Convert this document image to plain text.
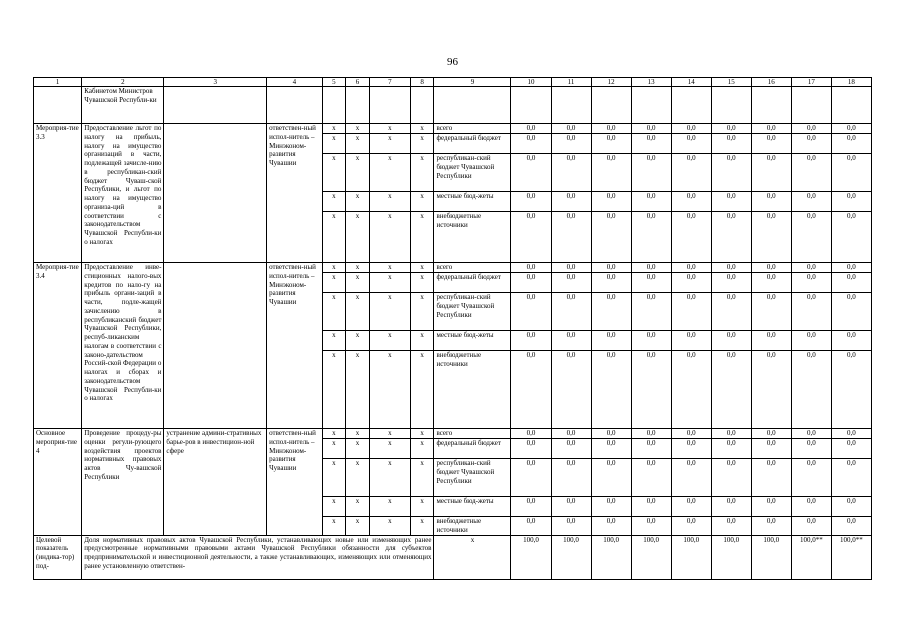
96
1	2	3	4	5	6	7	8	9	10	11	12	13	14	15	16	17	18
	Кабинетом Министров Чувашской Республи-ки																
Мероприя-тие 3.3	Предоставление льгот по налогу на прибыль, налогу на имущество организаций в части, подлежащей зачисле-нию в республикан-ский бюджет Чуваш-ской Республики, и льгот по налогу на имущество организа-ций в соответствии с законодательством Чувашской Республи-ки о налогах		ответствен-ный испол-нитель – Минэконом-развития Чувашии	x	x	x	x	всего	0,0	0,0	0,0	0,0	0,0	0,0	0,0	0,0	0,0
				x	x	x	x	федеральный бюджет	0,0	0,0	0,0	0,0	0,0	0,0	0,0	0,0	0,0
				x	x	x	x	республикан-ский бюджет Чувашской Республики	0,0	0,0	0,0	0,0	0,0	0,0	0,0	0,0	0,0
				x	x	x	x	местные бюд-жеты	0,0	0,0	0,0	0,0	0,0	0,0	0,0	0,0	0,0
				x	x	x	x	внебюджетные источники	0,0	0,0	0,0	0,0	0,0	0,0	0,0	0,0	0,0
Мероприя-тие 3.4	Предоставление инве-стиционных налого-вых кредитов по нало-гу на прибыль органи-заций в части, подле-жащей зачислению в республиканский бюджет Чувашской Республики, респуб-ликанским налогам в соответствии с законо-дательством Россий-ской Федерации о налогах и сборах и законодательством Чувашской Республи-ки о налогах		ответствен-ный испол-нитель – Минэконом-развития Чувашии	x	x	x	x	всего	0,0	0,0	0,0	0,0	0,0	0,0	0,0	0,0	0,0
				x	x	x	x	федеральный бюджет	0,0	0,0	0,0	0,0	0,0	0,0	0,0	0,0	0,0
				x	x	x	x	республикан-ский бюджет Чувашской Республики	0,0	0,0	0,0	0,0	0,0	0,0	0,0	0,0	0,0
				x	x	x	x	местные бюд-жеты	0,0	0,0	0,0	0,0	0,0	0,0	0,0	0,0	0,0
				x	x	x	x	внебюджетные источники	0,0	0,0	0,0	0,0	0,0	0,0	0,0	0,0	0,0
Основное мероприя-тие 4	Проведение процеду-ры оценки регули-рующего воздействия проектов нормативных правовых актов Чу-вашской Республики	устранение админи-стративных барье-ров в инвестицион-ной сфере	ответствен-ный испол-нитель – Минэконом-развития Чувашии	x	x	x	x	всего	0,0	0,0	0,0	0,0	0,0	0,0	0,0	0,0	0,0
				x	x	x	x	федеральный бюджет	0,0	0,0	0,0	0,0	0,0	0,0	0,0	0,0	0,0
				x	x	x	x	республикан-ский бюджет Чувашской Республики	0,0	0,0	0,0	0,0	0,0	0,0	0,0	0,0	0,0
				x	x	x	x	местные бюд-жеты	0,0	0,0	0,0	0,0	0,0	0,0	0,0	0,0	0,0
				x	x	x	x	внебюджетные источники	0,0	0,0	0,0	0,0	0,0	0,0	0,0	0,0	0,0
Целевой показатель (индика-тор) под-	Доля нормативных правовых актов Чувашской Республики, устанавливающих новые или изменяющих ранее предусмотренные нормативными правовыми актами Чувашской Республики обязанности для субъектов предпринимательской и инвестиционной деятельности, а также устанавливающих, изменяющих или отменяющих ранее установленную ответствен-							x	100,0	100,0	100,0	100,0	100,0	100,0	100,0	100,0**	100,0**
